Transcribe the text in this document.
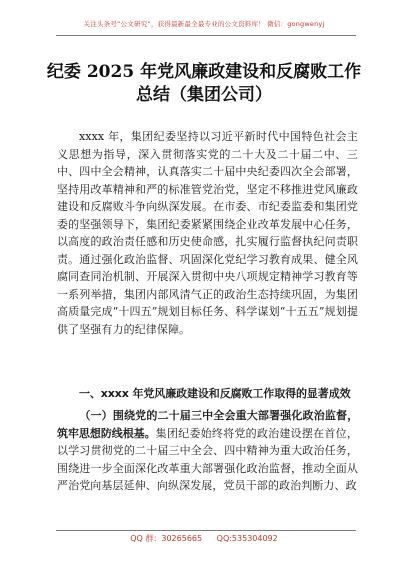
关注头条号“公文研究”，获得最新最全最专业的公文资料库！ 微信：gongwenyj
纪委 2025 年党风廉政建设和反腐败工作
总结（集团公司）

xxxx 年，集团纪委坚持以习近平新时代中国特色社会主义思想为指导，深入贯彻落实党的二十大及二十届二中、三中、四中全会精神，认真落实二十届中央纪委四次全会部署，坚持用改革精神和严的标准管党治党，坚定不移推进党风廉政建设和反腐败斗争向纵深发展。在市委、市纪委监委和集团党委的坚强领导下，集团纪委紧紧围绕企业改革发展中心任务，以高度的政治责任感和历史使命感，扎实履行监督执纪问责职责。通过强化政治监督、巩固深化党纪学习教育成果、健全风腐同查同治机制、开展深入贯彻中央八项规定精神学习教育等一系列举措，集团内部风清气正的政治生态持续巩固，为集团高质量完成“十四五”规划目标任务、科学谋划“十五五”规划提供了坚强有力的纪律保障。

一、xxxx 年党风廉政建设和反腐败工作取得的显著成效
（一）围绕党的二十届三中全会重大部署强化政治监督，筑牢思想防线根基。集团纪委始终将党的政治建设摆在首位，以学习贯彻党的二十届三中全会、四中精神为重大政治任务，围绕进一步全面深化改革重大部署强化政治监督，推动全面从严治党向基层延伸、向纵深发展，党员干部的政治判断力、政
QQ 群：30265665 QQ:535304092
